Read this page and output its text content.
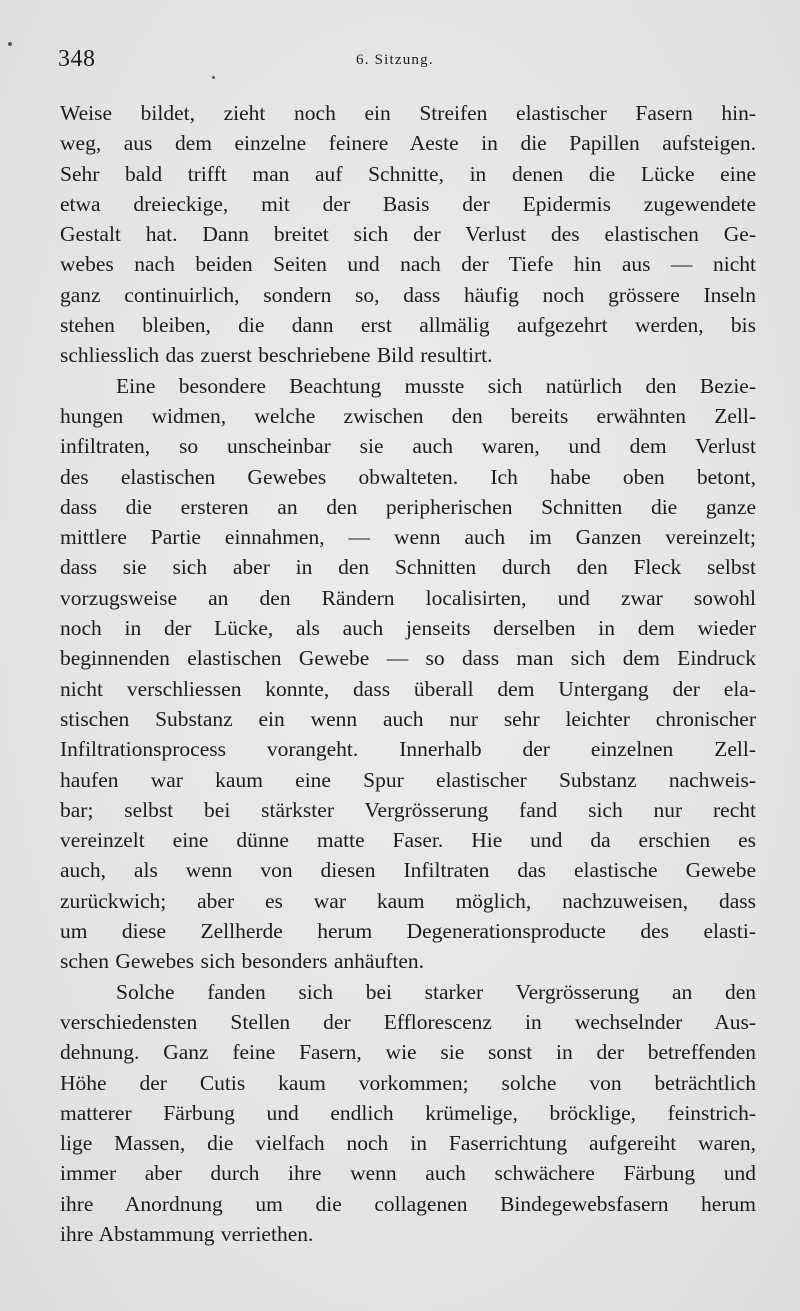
348	6. Sitzung.
Weise bildet, zieht noch ein Streifen elastischer Fasern hin-
weg, aus dem einzelne feinere Aeste in die Papillen aufsteigen.
Sehr bald trifft man auf Schnitte, in denen die Lücke eine
etwa dreieckige, mit der Basis der Epidermis zugewendete
Gestalt hat. Dann breitet sich der Verlust des elastischen Ge-
webes nach beiden Seiten und nach der Tiefe hin aus — nicht
ganz continuirlich, sondern so, dass häufig noch grössere Inseln
stehen bleiben, die dann erst allmälig aufgezehrt werden, bis
schliesslich das zuerst beschriebene Bild resultirt.
Eine besondere Beachtung musste sich natürlich den Bezie-
hungen widmen, welche zwischen den bereits erwähnten Zell-
infiltraten, so unscheinbar sie auch waren, und dem Verlust
des elastischen Gewebes obwalteten. Ich habe oben betont,
dass die ersteren an den peripherischen Schnitten die ganze
mittlere Partie einnahmen, — wenn auch im Ganzen vereinzelt;
dass sie sich aber in den Schnitten durch den Fleck selbst
vorzugsweise an den Rändern localisirten, und zwar sowohl
noch in der Lücke, als auch jenseits derselben in dem wieder
beginnenden elastischen Gewebe — so dass man sich dem Eindruck
nicht verschliessen konnte, dass überall dem Untergang der ela-
stischen Substanz ein wenn auch nur sehr leichter chronischer
Infiltrationsprocess vorangeht. Innerhalb der einzelnen Zell-
haufen war kaum eine Spur elastischer Substanz nachweis-
bar; selbst bei stärkster Vergrösserung fand sich nur recht
vereinzelt eine dünne matte Faser. Hie und da erschien es
auch, als wenn von diesen Infiltraten das elastische Gewebe
zurückwich; aber es war kaum möglich, nachzuweisen, dass
um diese Zellherde herum Degenerationsproducte des elasti-
schen Gewebes sich besonders anhäuften.
Solche fanden sich bei starker Vergrösserung an den
verschiedensten Stellen der Efflorescenz in wechselnder Aus-
dehnung. Ganz feine Fasern, wie sie sonst in der betreffenden
Höhe der Cutis kaum vorkommen; solche von beträchtlich
matterer Färbung und endlich krümelige, bröcklige, feinstrich-
lige Massen, die vielfach noch in Faserrichtung aufgereiht waren,
immer aber durch ihre wenn auch schwächere Färbung und
ihre Anordnung um die collagenen Bindegewebsfasern herum
ihre Abstammung verriethen.
